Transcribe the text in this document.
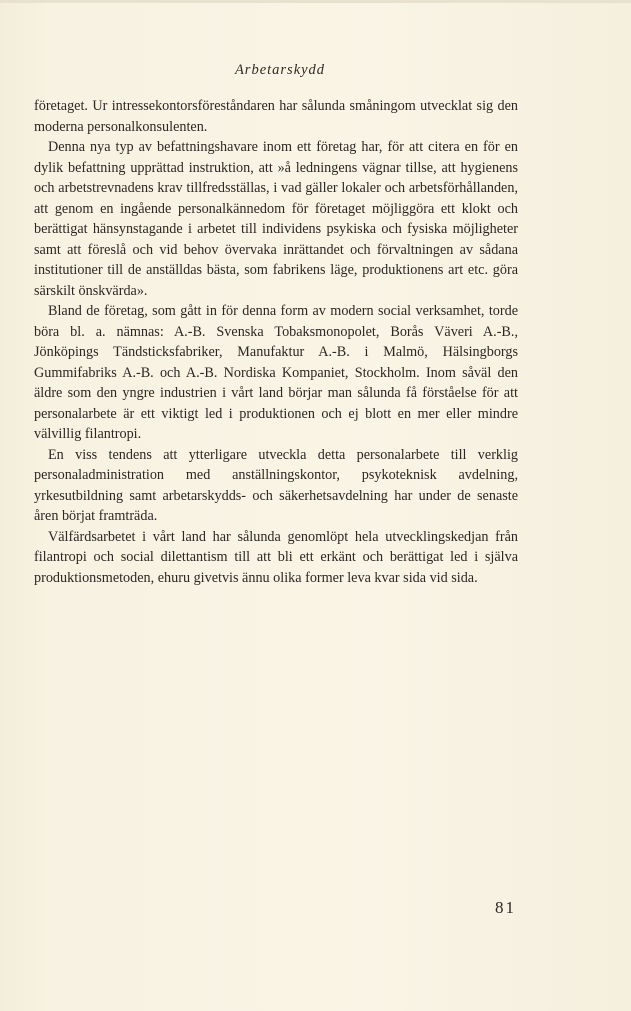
Arbetarskydd

företaget. Ur intressekontorsföreståndaren har sålunda småningom utvecklat sig den moderna personalkonsulenten.

Denna nya typ av befattningshavare inom ett företag har, för att citera en för en dylik befattning upprättad instruktion, att »å ledningens vägnar tillse, att hygienens och arbetstrevnadens krav tillfredsställas, i vad gäller lokaler och arbetsförhållanden, att genom en ingående personalkännedom för företaget möjliggöra ett klokt och berättigat hänsynstagande i arbetet till individens psykiska och fysiska möjligheter samt att föreslå och vid behov övervaka inrättandet och förvaltningen av sådana institutioner till de anställdas bästa, som fabrikens läge, produktionens art etc. göra särskilt önskvärda».

Bland de företag, som gått in för denna form av modern social verksamhet, torde böra bl. a. nämnas: A.-B. Svenska Tobaksmonopolet, Borås Väveri A.-B., Jönköpings Tändsticksfabriker, Manufaktur A.-B. i Malmö, Hälsingborgs Gummifabriks A.-B. och A.-B. Nordiska Kompaniet, Stockholm. Inom såväl den äldre som den yngre industrien i vårt land börjar man sålunda få förståelse för att personalarbete är ett viktigt led i produktionen och ej blott en mer eller mindre välvillig filantropi.

En viss tendens att ytterligare utveckla detta personalarbete till verklig personaladministration med anställningskontor, psykoteknisk avdelning, yrkesutbildning samt arbetarskydds- och säkerhetsavdelning har under de senaste åren börjat framträda.

Välfärdsarbetet i vårt land har sålunda genomlöpt hela utvecklingskedjan från filantropi och social dilettantism till att bli ett erkänt och berättigat led i själva produktionsmetoden, ehuru givetvis ännu olika former leva kvar sida vid sida.

81
